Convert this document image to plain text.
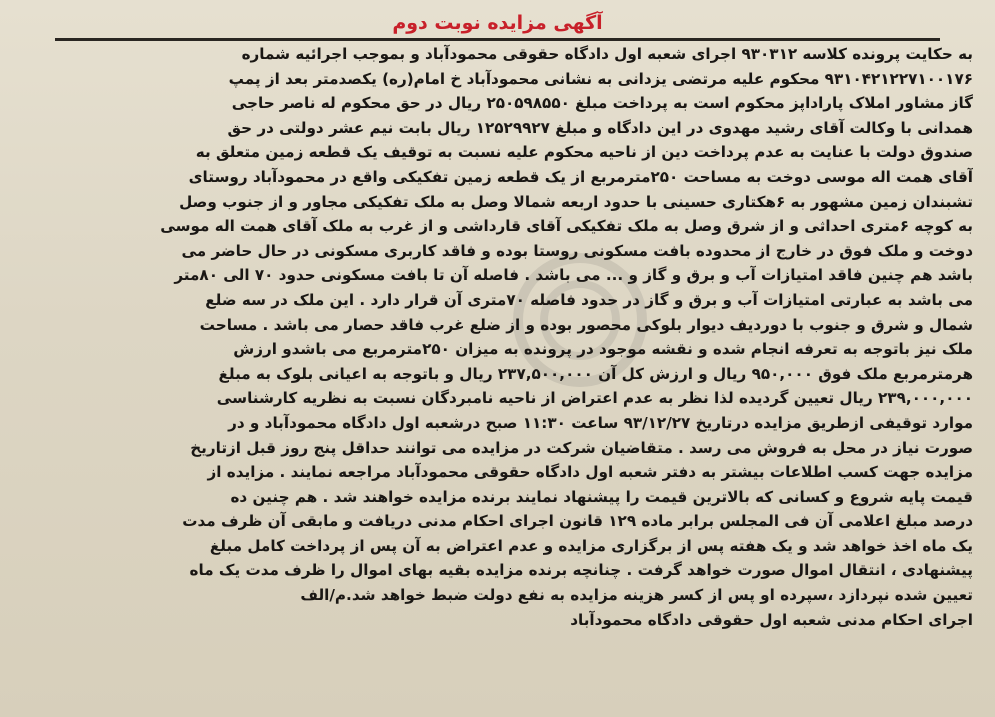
آگهی مزایده نوبت دوم
به حکایت پرونده کلاسه ۹۳۰۳۱۲ اجرای شعبه اول دادگاه حقوقی محمودآباد و بموجب اجرائیه شماره
۹۳۱۰۴۲۱۲۲۷۱۰۰۱۷۶ محکوم علیه مرتضی یزدانی به نشانی محمودآباد خ امام(ره) یکصدمتر بعد از پمپ
گاز مشاور املاک پاراداپز محکوم است به پرداخت مبلغ ۲۵۰۵۹۸۵۵۰ ریال در حق محکوم له ناصر حاجی
همدانی با وکالت آقای رشید مهدوی در این دادگاه و مبلغ ۱۲۵۲۹۹۲۷ ریال بابت نیم عشر دولتی در حق
صندوق دولت با عنایت به عدم پرداخت دین از ناحیه محکوم علیه نسبت به توقیف یک قطعه زمین متعلق به
آقای همت اله موسی دوخت به مساحت ۲۵۰مترمربع از یک قطعه زمین تفکیکی واقع در محمودآباد روستای
تشبندان زمین مشهور به ۶هکتاری حسینی با حدود اربعه شمالا وصل به ملک تفکیکی مجاور و از جنوب وصل
به کوچه ۶متری احداثی و از شرق وصل به ملک تفکیکی آقای قارداشی و از غرب به ملک آقای همت اله موسی
دوخت و ملک فوق در خارج از محدوده بافت مسکونی روستا بوده و فاقد کاربری مسکونی در حال حاضر می
باشد هم چنین فاقد امتیازات آب و برق و گاز و ... می باشد . فاصله آن تا بافت مسکونی حدود ۷۰ الی ۸۰متر
می باشد به عبارتی امتیازات آب و برق و گاز در حدود فاصله ۷۰متری آن قرار دارد . این ملک در سه ضلع
شمال و شرق و جنوب با دوردیف دیوار بلوکی محصور بوده و از ضلع غرب فاقد حصار می باشد . مساحت
ملک نیز باتوجه به تعرفه انجام شده و نقشه موجود در پرونده به میزان ۲۵۰مترمربع می باشدو ارزش
هرمترمربع ملک فوق ۹۵۰,۰۰۰ ریال و ارزش کل آن ۲۳۷,۵۰۰,۰۰۰ ریال و باتوجه به اعیانی بلوک به مبلغ
۲۳۹,۰۰۰,۰۰۰ ریال تعیین گردیده لذا نظر به عدم اعتراض از ناحیه نامبردگان نسبت به نظریه کارشناسی
موارد توقیفی ازطریق مزایده درتاریخ ۹۳/۱۲/۲۷ ساعت ۱۱:۳۰ صبح درشعبه اول دادگاه محمودآباد و در
صورت نیاز در محل به فروش می رسد . متقاضیان شرکت در مزایده می توانند حداقل پنج روز قبل ازتاریخ
مزایده جهت کسب اطلاعات بیشتر به دفتر شعبه اول دادگاه حقوقی محمودآباد مراجعه نمایند . مزایده از
قیمت پایه شروع و کسانی که بالاترین قیمت را پیشنهاد نمایند برنده مزایده خواهند شد . هم چنین ده
درصد مبلغ اعلامی آن فی المجلس برابر ماده ۱۲۹ قانون اجرای احکام مدنی دریافت و مابقی آن ظرف مدت
یک ماه اخذ خواهد شد و یک هفته پس از برگزاری مزایده و عدم اعتراض به آن پس از پرداخت کامل مبلغ
پیشنهادی ، انتقال اموال صورت خواهد گرفت . چنانچه برنده مزایده بقیه بهای اموال را ظرف مدت یک ماه
تعیین شده نپردازد ،سپرده او پس از کسر هزینه مزایده به نفع دولت ضبط خواهد شد.م/الف
اجرای احکام مدنی شعبه اول حقوقی دادگاه محمودآباد
